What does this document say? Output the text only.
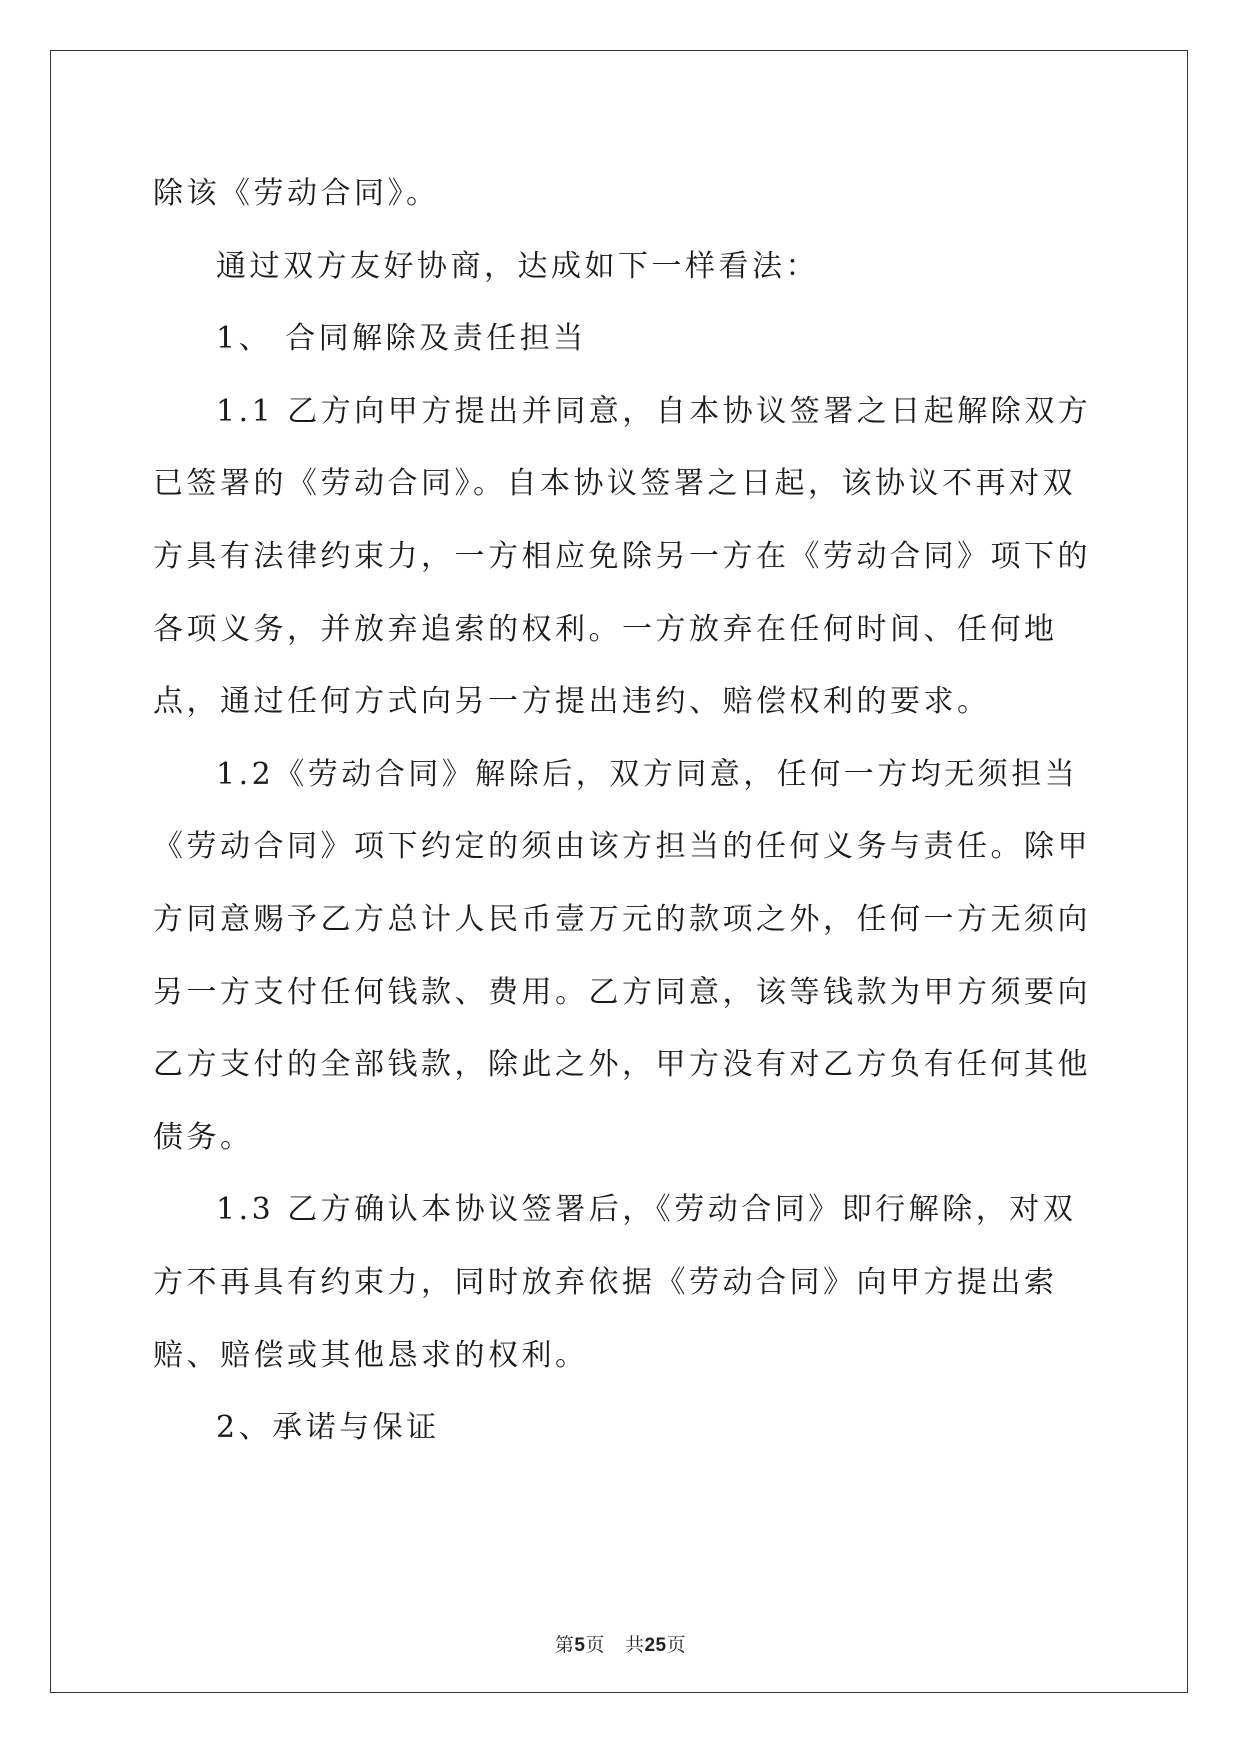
除该《劳动合同》。

通过双方友好协商，达成如下一样看法：

1、 合同解除及责任担当

1.1 乙方向甲方提出并同意，自本协议签署之日起解除双方已签署的《劳动合同》。自本协议签署之日起，该协议不再对双方具有法律约束力，一方相应免除另一方在《劳动合同》项下的各项义务，并放弃追索的权利。一方放弃在任何时间、任何地点，通过任何方式向另一方提出违约、赔偿权利的要求。

1.2《劳动合同》解除后，双方同意，任何一方均无须担当《劳动合同》项下约定的须由该方担当的任何义务与责任。除甲方同意赐予乙方总计人民币壹万元的款项之外，任何一方无须向另一方支付任何钱款、费用。乙方同意，该等钱款为甲方须要向乙方支付的全部钱款，除此之外，甲方没有对乙方负有任何其他债务。

1.3 乙方确认本协议签署后，《劳动合同》即行解除，对双方不再具有约束力，同时放弃依据《劳动合同》向甲方提出索赔、赔偿或其他恳求的权利。

2、承诺与保证

第5页 共25页
